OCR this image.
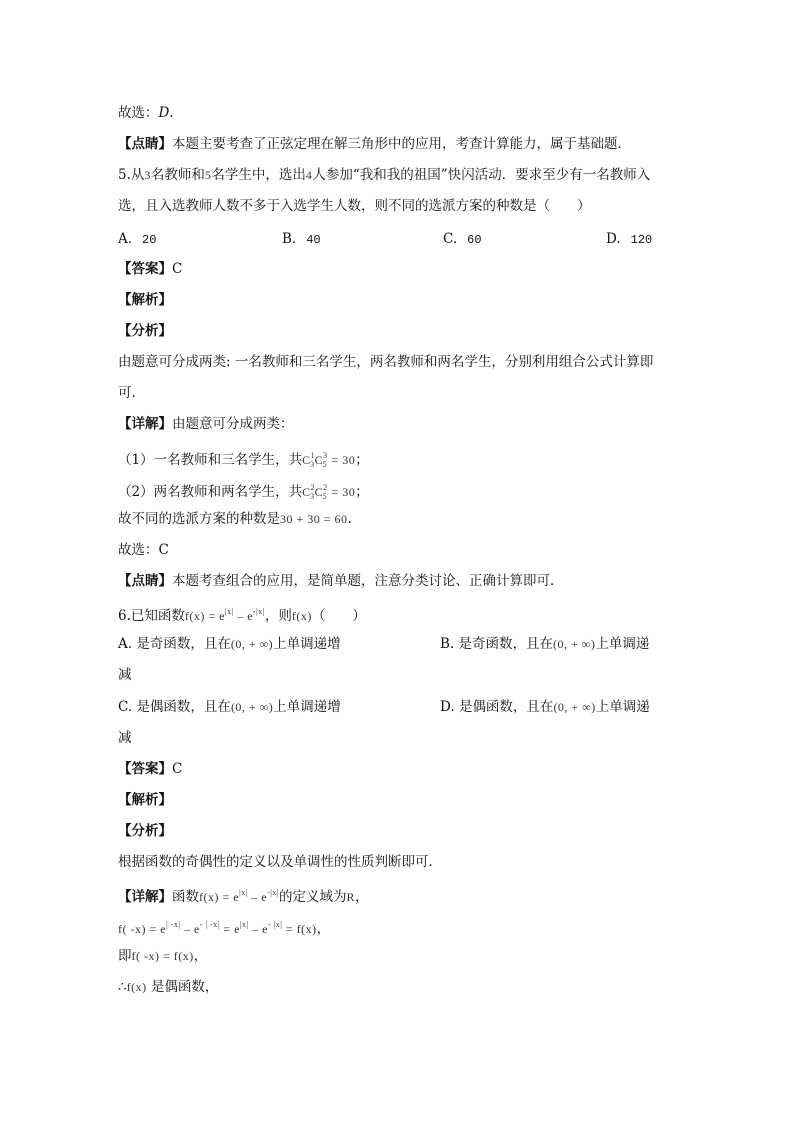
故选：D.
【点睛】本题主要考查了正弦定理在解三角形中的应用，考查计算能力，属于基础题．
5.从3名教师和5名学生中，选出4人参加“我和我的祖国”快闪活动．要求至少有一名教师入
选，且入选教师人数不多于入选学生人数，则不同的选派方案的种数是（　　）
A. 20	B. 40	C. 60	D. 120
【答案】C
【解析】
【分析】
由题意可分成两类: 一名教师和三名学生，两名教师和两名学生，分别利用组合公式计算即
可.
【详解】由题意可分成两类：
（1）一名教师和三名学生，共$C^1_3C^3_5 = 30$；
（2）两名教师和两名学生，共$C^2_3C^2_5 = 30$；
故不同的选派方案的种数是30 + 30 = 60.
故选：C
【点睛】本题考查组合的应用，是简单题，注意分类讨论、正确计算即可．
6.已知函数$f(x) = e^{|x|} - e^{-|x|}$，则f(x)（　　）
A. 是奇函数，且在(0, + ∞)上单调递增	B. 是奇函数，且在(0, + ∞)上单调递
减
C. 是偶函数，且在(0, + ∞)上单调递增	D. 是偶函数，且在(0, + ∞)上单调递
减
【答案】C
【解析】
【分析】
根据函数的奇偶性的定义以及单调性的性质判断即可．
【详解】函数$f(x) = e^{|x|} - e^{-|x|}$的定义域为R，
f( $-x) = e^{| -x|} - e^{- | -x|} = e^{|x|} - e^{- |x|} = f(x)$，
即f( -x) = f(x)，
∴f(x) 是偶函数，
